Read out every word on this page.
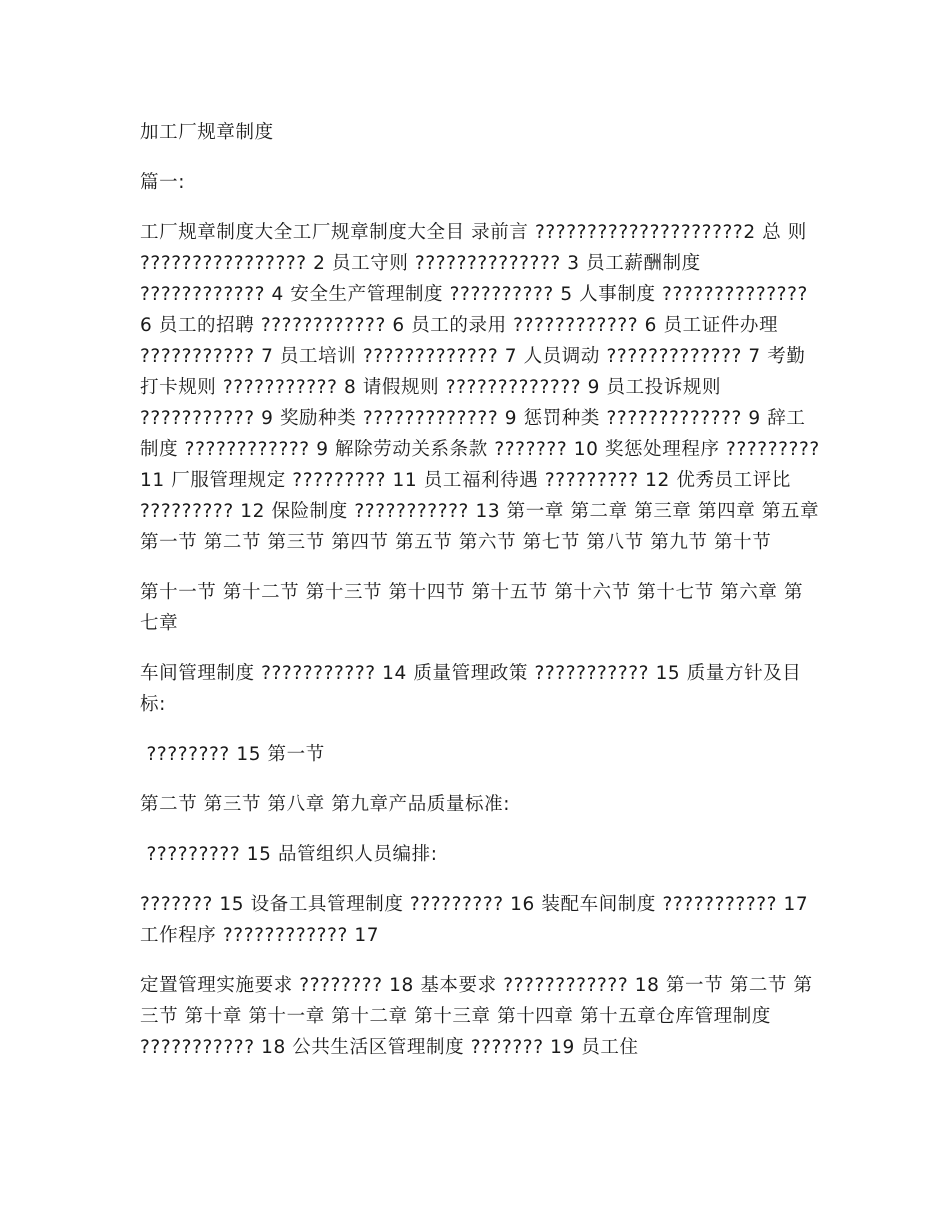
加工厂规章制度

篇一:

工厂规章制度大全工厂规章制度大全目 录前言 ????????????????????2 总 则 ???????????????? 2 员工守则 ?????????????? 3 员工薪酬制度 ???????????? 4 安全生产管理制度 ?????????? 5 人事制度 ?????????????? 6 员工的招聘 ???????????? 6 员工的录用 ???????????? 6 员工证件办理 ??????????? 7 员工培训 ????????????? 7 人员调动 ????????????? 7 考勤打卡规则 ??????????? 8 请假规则 ????????????? 9 员工投诉规则 ??????????? 9 奖励种类 ????????????? 9 惩罚种类 ????????????? 9 辞工制度 ???????????? 9 解除劳动关系条款 ??????? 10 奖惩处理程序 ????????? 11 厂服管理规定 ????????? 11 员工福利待遇 ????????? 12 优秀员工评比 ????????? 12 保险制度 ??????????? 13 第一章 第二章 第三章 第四章 第五章第一节 第二节 第三节 第四节 第五节 第六节 第七节 第八节 第九节 第十节

第十一节 第十二节 第十三节 第十四节 第十五节 第十六节 第十七节 第六章 第七章

车间管理制度 ??????????? 14 质量管理政策 ??????????? 15 质量方针及目标:

???????? 15 第一节

第二节 第三节 第八章 第九章产品质量标准:

????????? 15 品管组织人员编排:

??????? 15 设备工具管理制度 ????????? 16 装配车间制度 ??????????? 17 工作程序 ???????????? 17

定置管理实施要求 ???????? 18 基本要求 ???????????? 18 第一节 第二节 第三节 第十章 第十一章 第十二章 第十三章 第十四章 第十五章仓库管理制度 ??????????? 18 公共生活区管理制度 ??????? 19 员工住
